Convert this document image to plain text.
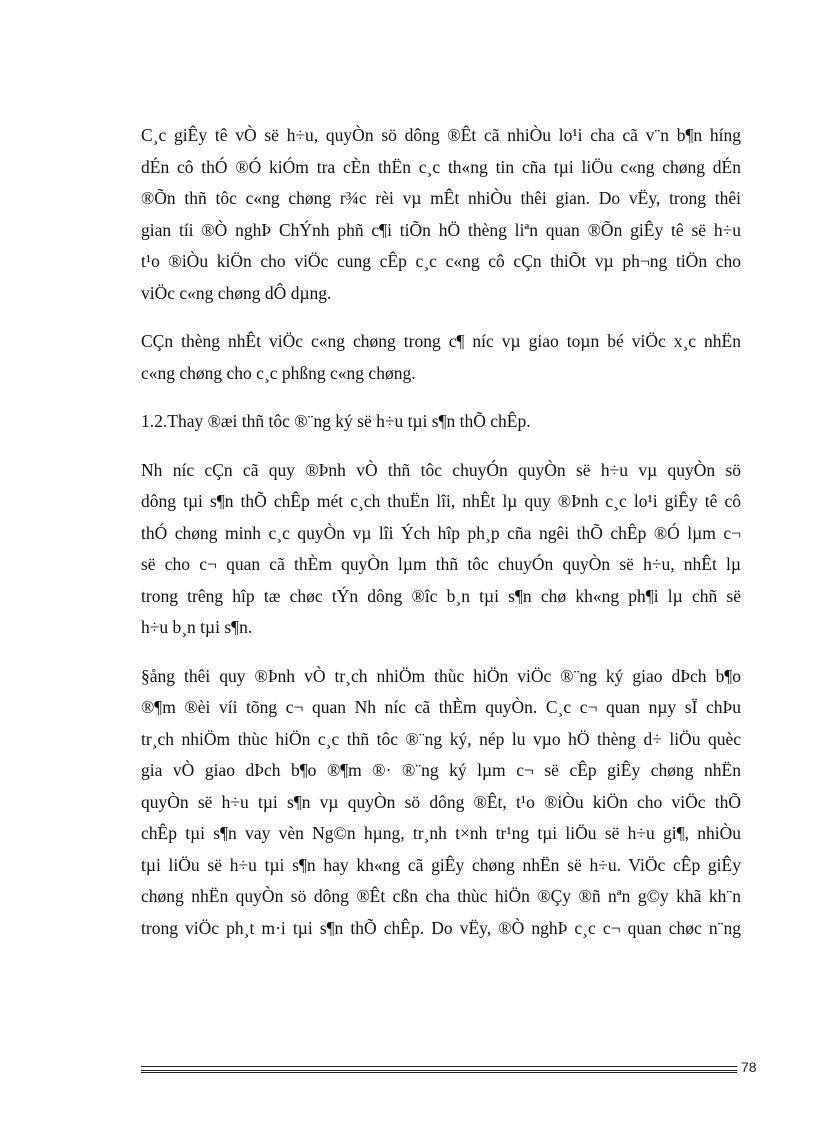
C¸c giÊy tê vÒ së h÷u, quyÒn sö dông ®Êt cã nhiÒu lo¹i cha cã v¨n b¶n híng
dÉn cô thÓ ®Ó kiÓm tra cÈn thËn c¸c th«ng tin cña tµi liÖu c«ng chøng dÉn
®Õn thñ tôc c«ng chøng r¾c rèi vµ mÊt nhiÒu thêi gian. Do vËy, trong thêi
gian tíi ®Ò nghÞ ChÝnh phñ c¶i tiÕn hÖ thèng liªn quan ®Õn giÊy tê së h÷u
t¹o ®iÒu kiÖn cho viÖc cung cÊp c¸c c«ng cô cÇn thiÕt vµ ph¬ng tiÖn cho
viÖc c«ng chøng dÔ dµng.
CÇn thèng nhÊt viÖc c«ng chøng trong c¶ níc vµ giao toµn bé viÖc x¸c nhËn
c«ng chøng cho c¸c phßng c«ng chøng.
1.2.Thay ®æi thñ tôc ®¨ng ký së h÷u tµi s¶n thÕ chÊp.
Nh níc cÇn cã quy ®Þnh vÒ thñ tôc chuyÓn quyÒn së h÷u vµ quyÒn sö
dông tµi s¶n thÕ chÊp mét c¸ch thuËn lîi, nhÊt lµ quy ®Þnh c¸c lo¹i giÊy tê cô
thÓ chøng minh c¸c quyÒn vµ lîi Ých hîp ph¸p cña ngêi thÕ chÊp ®Ó lµm c¬
së cho c¬ quan cã thÈm quyÒn lµm thñ tôc chuyÓn quyÒn së h÷u, nhÊt lµ
trong trêng hîp tæ chøc tÝn dông ®îc b¸n tµi s¶n chø kh«ng ph¶i lµ chñ së
h÷u b¸n tµi s¶n.
§ång thêi quy ®Þnh vÒ tr¸ch nhiÖm thùc hiÖn viÖc ®¨ng ký giao dÞch b¶o
®¶m ®èi víi tõng c¬ quan Nh níc cã thÈm quyÒn. C¸c c¬ quan nµy sÏ chÞu
tr¸ch nhiÖm thùc hiÖn c¸c thñ tôc ®¨ng ký, nép lu vµo hÖ thèng d÷ liÖu quèc
gia vÒ giao dÞch b¶o ®¶m ®· ®¨ng ký lµm c¬ së cÊp giÊy chøng nhËn
quyÒn së h÷u tµi s¶n vµ quyÒn sö dông ®Êt, t¹o ®iÒu kiÖn cho viÖc thÕ
chÊp tµi s¶n vay vèn Ng©n hµng, tr¸nh t×nh tr¹ng tµi liÖu së h÷u gi¶, nhiÒu
tµi liÖu së h÷u tµi s¶n hay kh«ng cã giÊy chøng nhËn së h÷u. ViÖc cÊp giÊy
chøng nhËn quyÒn sö dông ®Êt cßn cha thùc hiÖn ®Çy ®ñ nªn g©y khã kh¨n
trong viÖc ph¸t m·i tµi s¶n thÕ chÊp. Do vËy, ®Ò nghÞ c¸c c¬ quan chøc n¨ng
78
